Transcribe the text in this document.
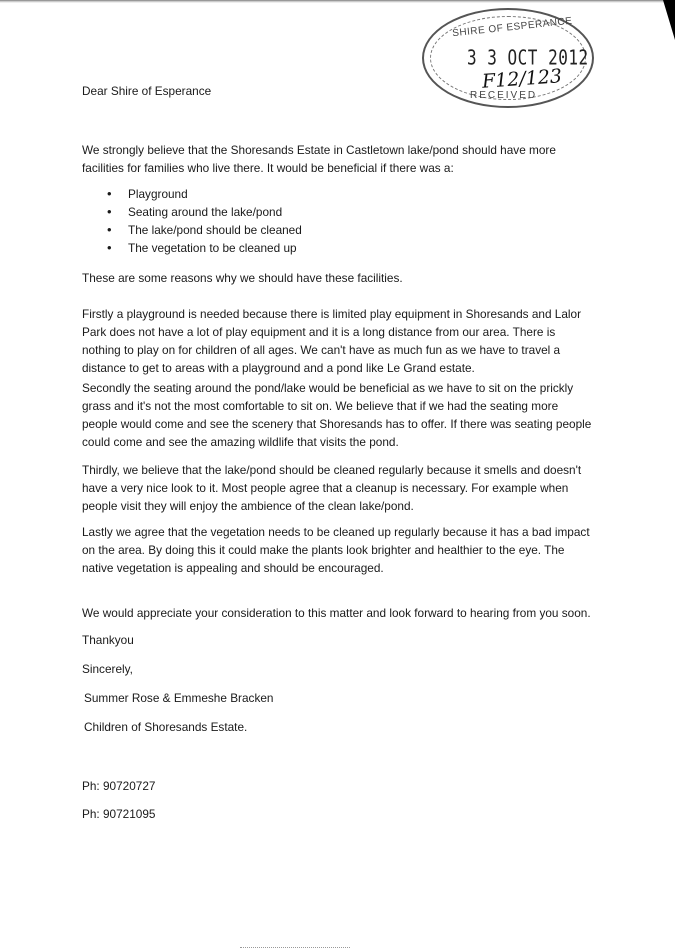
SHIRE OF ESPERANCE
3 3 OCT 2012
F12/123
RECEIVED

Dear Shire of Esperance

We strongly believe that the Shoresands Estate in Castletown lake/pond should have more facilities for families who live there. It would be beneficial if there was a:

• Playground
• Seating around the lake/pond
• The lake/pond should be cleaned
• The vegetation to be cleaned up

These are some reasons why we should have these facilities.

Firstly a playground is needed because there is limited play equipment in Shoresands and Lalor Park does not have a lot of play equipment and it is a long distance from our area. There is nothing to play on for children of all ages. We can't have as much fun as we have to travel a distance to get to areas with a playground and a pond like Le Grand estate.

Secondly the seating around the pond/lake would be beneficial as we have to sit on the prickly grass and it's not the most comfortable to sit on. We believe that if we had the seating more people would come and see the scenery that Shoresands has to offer. If there was seating people could come and see the amazing wildlife that visits the pond.

Thirdly, we believe that the lake/pond should be cleaned regularly because it smells and doesn't have a very nice look to it. Most people agree that a cleanup is necessary. For example when people visit they will enjoy the ambience of the clean lake/pond.

Lastly we agree that the vegetation needs to be cleaned up regularly because it has a bad impact on the area. By doing this it could make the plants look brighter and healthier to the eye. The native vegetation is appealing and should be encouraged.

We would appreciate your consideration to this matter and look forward to hearing from you soon.

Thankyou

Sincerely,

Summer Rose & Emmeshe Bracken

Children of Shoresands Estate.

Ph: 90720727

Ph: 90721095
